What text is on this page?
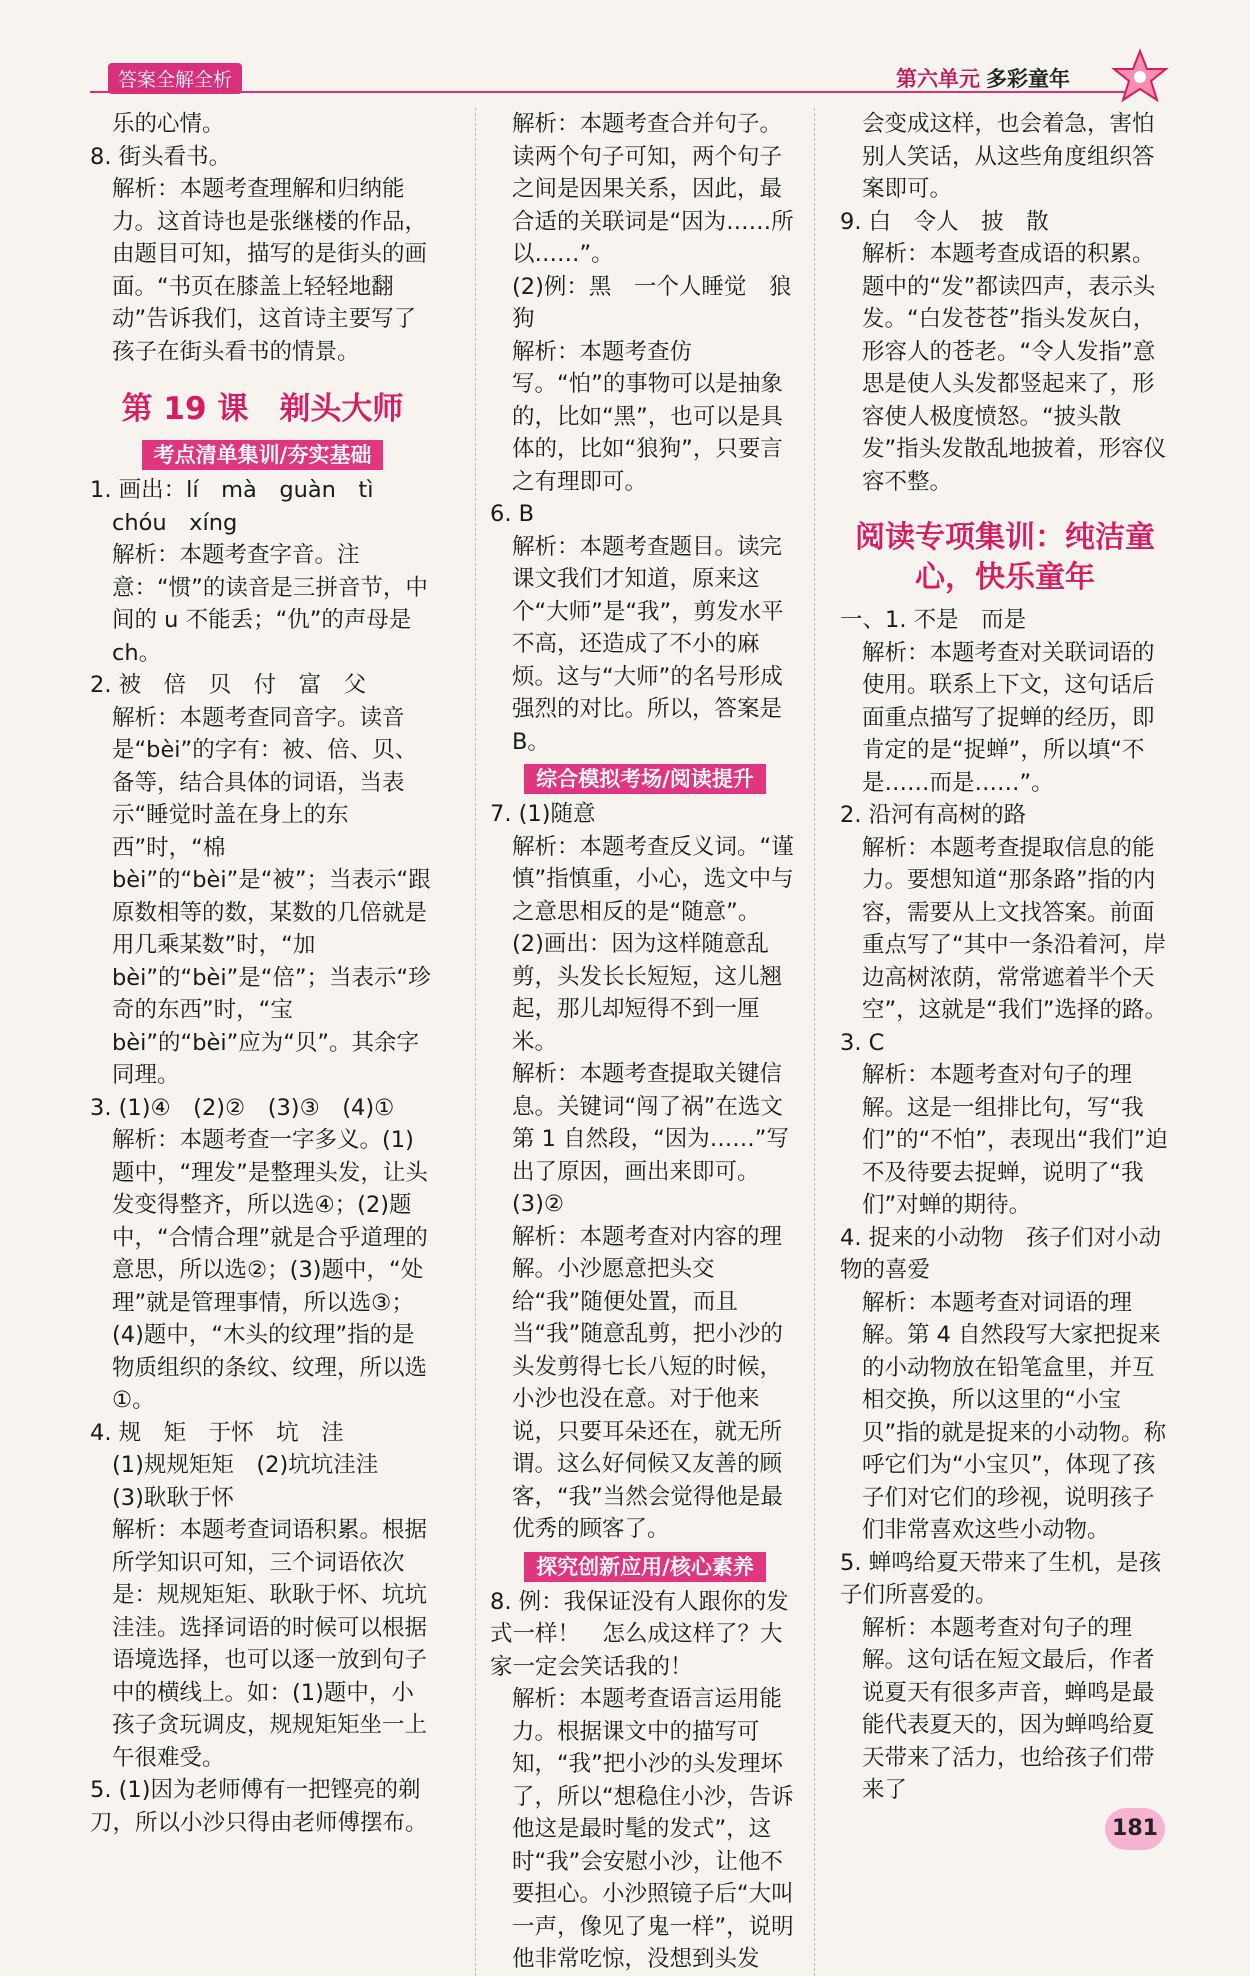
答案全解全析	第六单元 多彩童年

乐的心情。

8. 街头看书。

解析：本题考查理解和归纳能力。这首诗也是张继楼的作品，由题目可知，描写的是街头的画面。“书页在膝盖上轻轻地翻动”告诉我们，这首诗主要写了孩子在街头看书的情景。

第 19 课　剃头大师

考点清单集训/夯实基础

1. 画出：lí　mà　guàn　tì

chóu　xíng

解析：本题考查字音。注意：“惯”的读音是三拼音节，中间的 u 不能丢；“仇”的声母是 ch。

2. 被　倍　贝　付　富　父

解析：本题考查同音字。读音是“bèi”的字有：被、倍、贝、备等，结合具体的词语，当表示“睡觉时盖在身上的东西”时，“棉 bèi”的“bèi”是“被”；当表示“跟原数相等的数，某数的几倍就是用几乘某数”时，“加 bèi”的“bèi”是“倍”；当表示“珍奇的东西”时，“宝 bèi”的“bèi”应为“贝”。其余字同理。

3. (1)④　(2)②　(3)③　(4)①

解析：本题考查一字多义。(1)题中，“理发”是整理头发，让头发变得整齐，所以选④；(2)题中，“合情合理”就是合乎道理的意思，所以选②；(3)题中，“处理”就是管理事情，所以选③；(4)题中，“木头的纹理”指的是物质组织的条纹、纹理，所以选①。

4. 规　矩　于怀　坑　洼

(1)规规矩矩　(2)坑坑洼洼

(3)耿耿于怀

解析：本题考查词语积累。根据所学知识可知，三个词语依次是：规规矩矩、耿耿于怀、坑坑洼洼。选择词语的时候可以根据语境选择，也可以逐一放到句子中的横线上。如：(1)题中，小孩子贪玩调皮，规规矩矩坐一上午很难受。

5. (1)因为老师傅有一把铿亮的剃刀，所以小沙只得由老师傅摆布。

解析：本题考查合并句子。读两个句子可知，两个句子之间是因果关系，因此，最合适的关联词是“因为……所以……”。

(2)例：黑　一个人睡觉　狼狗

解析：本题考查仿写。“怕”的事物可以是抽象的，比如“黑”，也可以是具体的，比如“狼狗”，只要言之有理即可。

6. B

解析：本题考查题目。读完课文我们才知道，原来这个“大师”是“我”，剪发水平不高，还造成了不小的麻烦。这与“大师”的名号形成强烈的对比。所以，答案是 B。

综合模拟考场/阅读提升

7. (1)随意

解析：本题考查反义词。“谨慎”指慎重，小心，选文中与之意思相反的是“随意”。

(2)画出：因为这样随意乱剪，头发长长短短，这儿翘起，那儿却短得不到一厘米。

解析：本题考查提取关键信息。关键词“闯了祸”在选文第 1 自然段，“因为……”写出了原因，画出来即可。

(3)②

解析：本题考查对内容的理解。小沙愿意把头交给“我”随便处置，而且当“我”随意乱剪，把小沙的头发剪得七长八短的时候，小沙也没在意。对于他来说，只要耳朵还在，就无所谓。这么好伺候又友善的顾客，“我”当然会觉得他是最优秀的顾客了。

探究创新应用/核心素养

8. 例：我保证没有人跟你的发式一样！　怎么成这样了？大家一定会笑话我的！

解析：本题考查语言运用能力。根据课文中的描写可知，“我”把小沙的头发理坏了，所以“想稳住小沙，告诉他这是最时髦的发式”，这时“我”会安慰小沙，让他不要担心。小沙照镜子后“大叫一声，像见了鬼一样”，说明他非常吃惊，没想到头发

会变成这样，也会着急，害怕别人笑话，从这些角度组织答案即可。

9. 白　令人　披　散

解析：本题考查成语的积累。题中的“发”都读四声，表示头发。“白发苍苍”指头发灰白，形容人的苍老。“令人发指”意思是使人头发都竖起来了，形容使人极度愤怒。“披头散发”指头发散乱地披着，形容仪容不整。

阅读专项集训：纯洁童心，快乐童年

一、1. 不是　而是

解析：本题考查对关联词语的使用。联系上下文，这句话后面重点描写了捉蝉的经历，即肯定的是“捉蝉”，所以填“不是……而是……”。

2. 沿河有高树的路

解析：本题考查提取信息的能力。要想知道“那条路”指的内容，需要从上文找答案。前面重点写了“其中一条沿着河，岸边高树浓荫，常常遮着半个天空”，这就是“我们”选择的路。

3. C

解析：本题考查对句子的理解。这是一组排比句，写“我们”的“不怕”，表现出“我们”迫不及待要去捉蝉，说明了“我们”对蝉的期待。

4. 捉来的小动物　孩子们对小动物的喜爱

解析：本题考查对词语的理解。第 4 自然段写大家把捉来的小动物放在铅笔盒里，并互相交换，所以这里的“小宝贝”指的就是捉来的小动物。称呼它们为“小宝贝”，体现了孩子们对它们的珍视，说明孩子们非常喜欢这些小动物。

5. 蝉鸣给夏天带来了生机，是孩子们所喜爱的。

解析：本题考查对句子的理解。这句话在短文最后，作者说夏天有很多声音，蝉鸣是最能代表夏天的，因为蝉鸣给夏天带来了活力，也给孩子们带来了

181
